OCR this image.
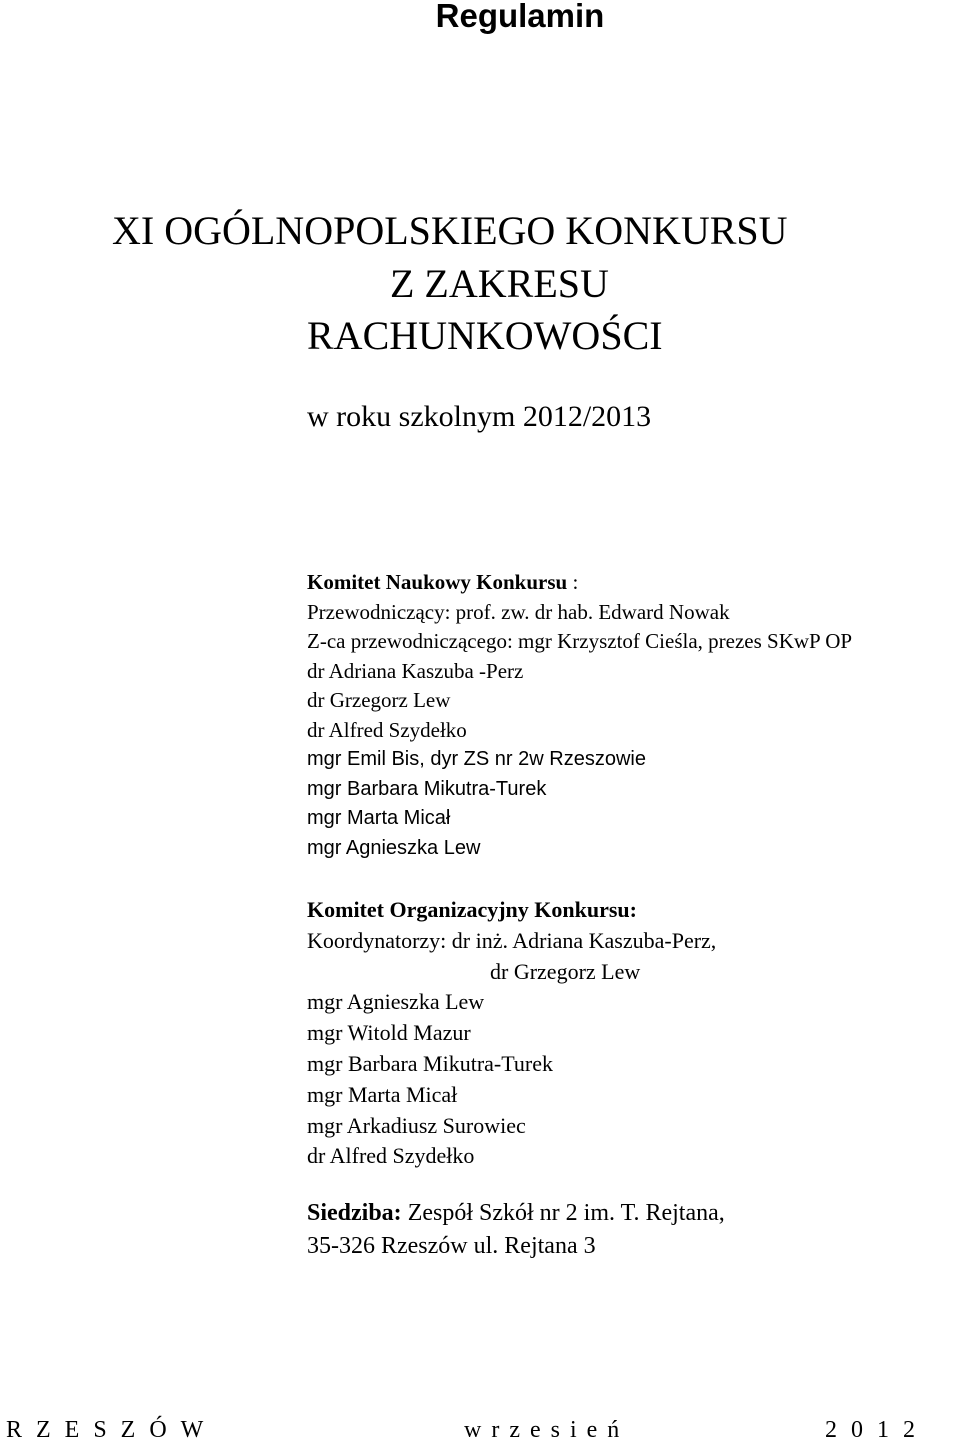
Regulamin
XI OGÓLNOPOLSKIEGO KONKURSU
Z ZAKRESU
RACHUNKOWOŚCI
w roku szkolnym 2012/2013
Komitet Naukowy Konkursu :
Przewodniczący: prof. zw. dr hab. Edward Nowak
Z-ca przewodniczącego: mgr Krzysztof Cieśla, prezes SKwP OP
dr Adriana Kaszuba -Perz
dr Grzegorz Lew
dr Alfred Szydełko
mgr Emil Bis, dyr ZS nr 2w Rzeszowie
mgr Barbara Mikutra-Turek
mgr Marta Micał
mgr Agnieszka Lew
Komitet Organizacyjny Konkursu:
Koordynatorzy: dr inż. Adriana Kaszuba-Perz,
dr Grzegorz Lew
mgr Agnieszka Lew
mgr Witold Mazur
mgr Barbara Mikutra-Turek
mgr Marta Micał
mgr Arkadiusz Surowiec
dr Alfred Szydełko
Siedziba: Zespół Szkół nr 2 im. T. Rejtana,
35-326 Rzeszów ul. Rejtana 3
RZESZÓW	wrzesień	2012
